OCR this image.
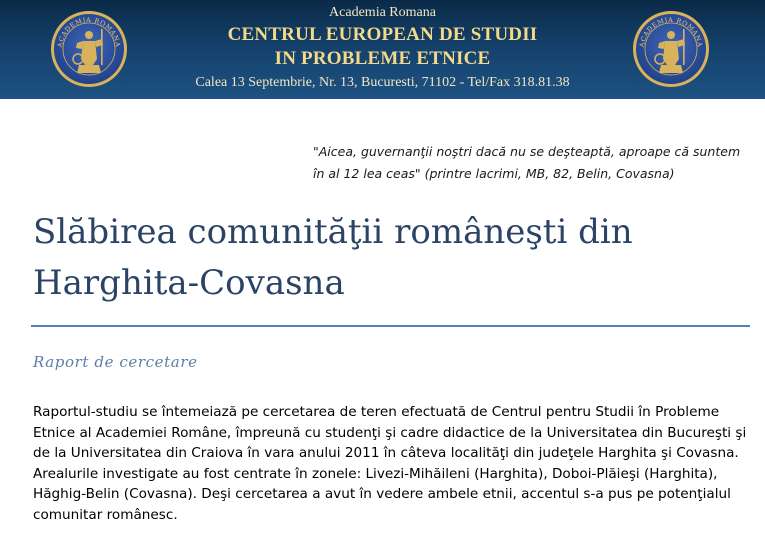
ACADEMIA ROMANA
Academia Romana
CENTRUL EUROPEAN DE STUDII
IN PROBLEME ETNICE
Calea 13 Septembrie, Nr. 13, Bucuresti, 71102 - Tel/Fax 318.81.38
ACADEMIA ROMANA
"Aicea, guvernanţii noştri dacă nu se deşteaptă, aproape că suntem în al 12 lea ceas" (printre lacrimi, MB, 82, Belin, Covasna)
Slăbirea comunităţii româneşti din Harghita-Covasna
Raport de cercetare

Raportul-studiu se întemeiază pe cercetarea de teren efectuată de Centrul pentru Studii în Probleme Etnice al Academiei Române, împreună cu studenţi şi cadre didactice de la Universitatea din Bucureşti şi de la Universitatea din Craiova în vara anului 2011 în câteva localităţi din judeţele Harghita şi Covasna. Arealurile investigate au fost centrate în zonele: Livezi-Mihăileni (Harghita), Doboi-Plăieşi (Harghita), Hăghig-Belin (Covasna). Deşi cercetarea a avut în vedere ambele etnii, accentul s-a pus pe potenţialul comunitar românesc.
